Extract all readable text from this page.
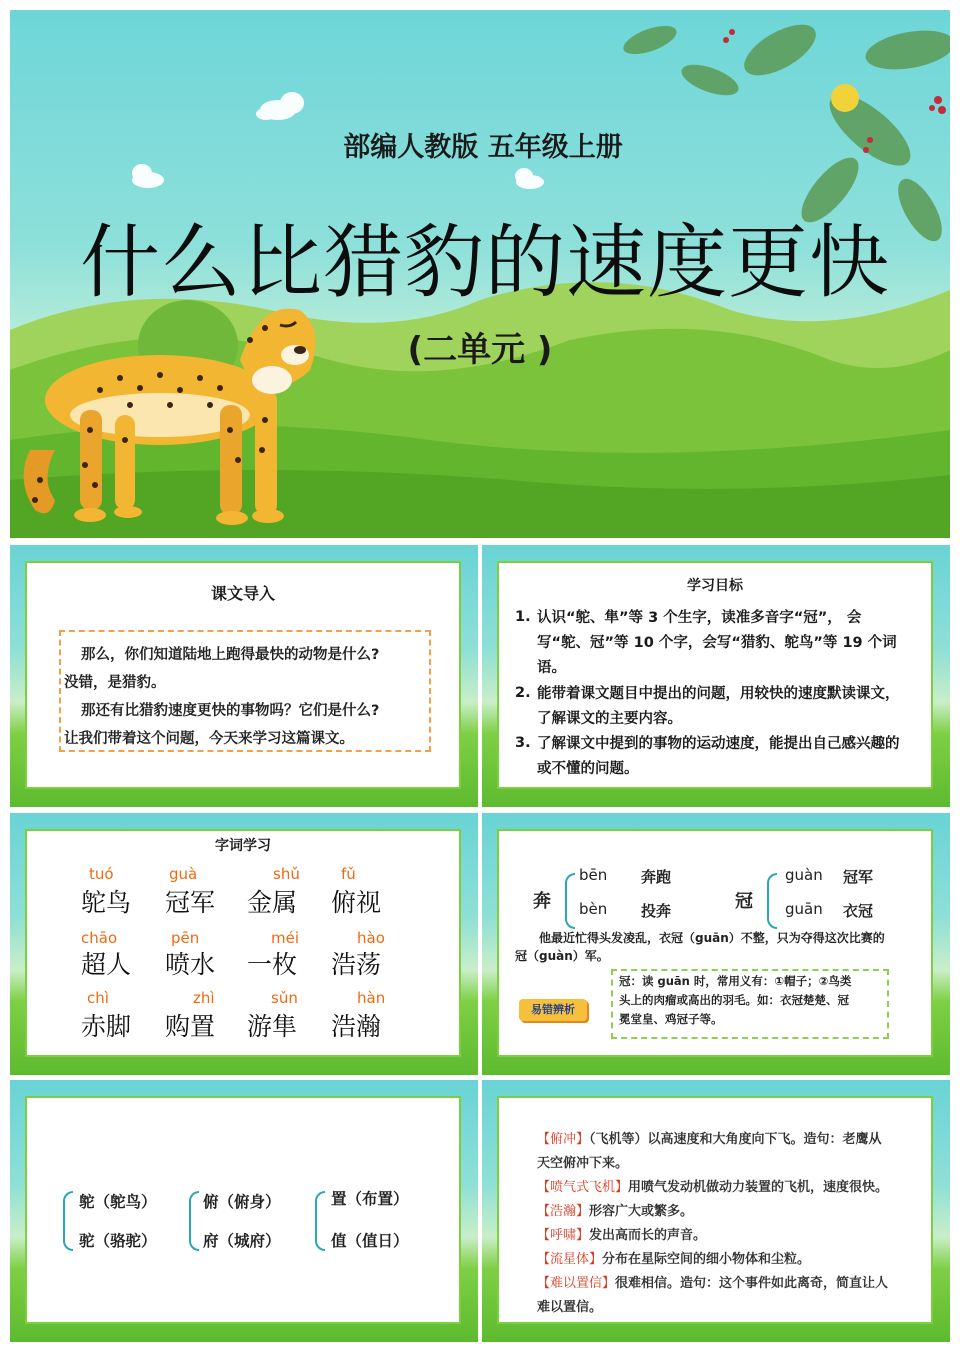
部编人教版 五年级上册
什么比猎豹的速度更快
(二单元 )
课文导入
那么，你们知道陆地上跑得最快的动物是什么?
没错，是猎豹。
那还有比猎豹速度更快的事物吗？它们是什么?
让我们带着这个问题，今天来学习这篇课文。
学习目标
1. 认识“鸵、隼”等 3 个生字，读准多音字“冠”， 会写“鸵、冠”等 10 个字，会写“猎豹、鸵鸟”等 19 个词语。
2. 能带着课文题目中提出的问题，用较快的速度默读课文，了解课文的主要内容。
3. 了解课文中提到的事物的运动速度，能提出自己感兴趣的或不懂的问题。
字词学习
tuó
鸵鸟
guà
冠军
shǔ
金属
fǔ
俯视
chāo
超人
pēn
喷水
méi
一枚
hào
浩荡
chì
赤脚
zhì
购置
sǔn
游隼
hàn
浩瀚
奔
bēn 奔跑
bèn 投奔	冠
guàn 冠军
guān 衣冠
他最近忙得头发凌乱，衣冠（guān）不整，只为夺得这次比赛的
冠（guàn）军。
易错辨析
冠：读 guān 时，常用义有：①帽子；②鸟类
头上的肉瘤或高出的羽毛。如：衣冠楚楚、冠
冕堂皇、鸡冠子等。
鸵（鸵鸟）
驼（骆驼）
俯（俯身）
府（城府）
置（布置）
值（值日）
【俯冲】（飞机等）以高速度和大角度向下飞。造句：老鹰从
天空俯冲下来。
【喷气式飞机】用喷气发动机做动力装置的飞机，速度很快。
【浩瀚】形容广大或繁多。
【呼啸】发出高而长的声音。
【流星体】分布在星际空间的细小物体和尘粒。
【难以置信】很难相信。造句：这个事件如此离奇，简直让人
难以置信。
